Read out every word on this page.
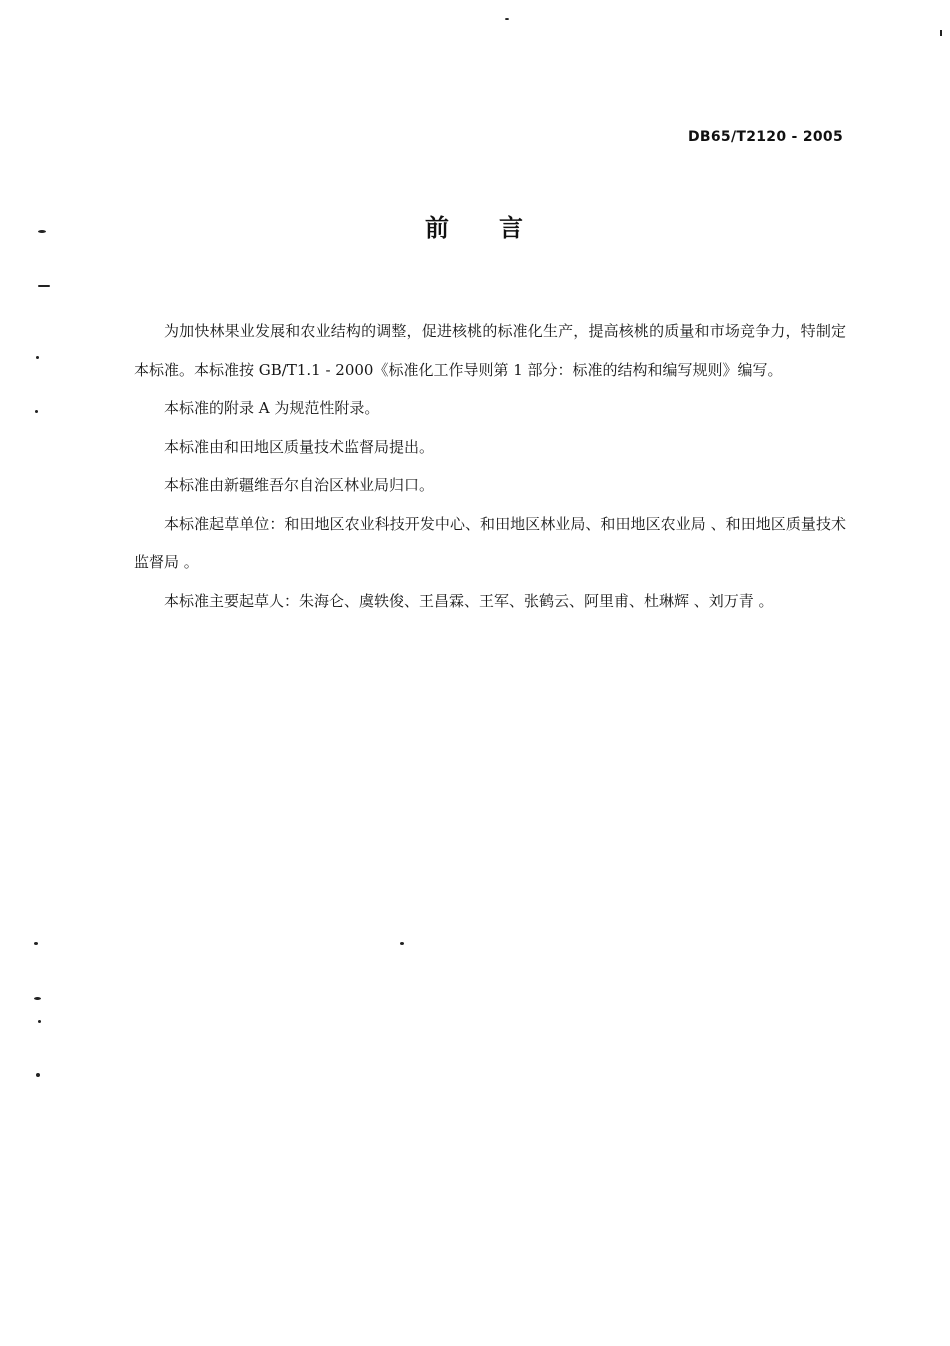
DB65/T2120 - 2005
前 言

为加快林果业发展和农业结构的调整，促进核桃的标准化生产，提高核桃的质量和市场竞争力，特制定本标准。本标准按 GB/T1.1 - 2000《标准化工作导则第 1 部分：标准的结构和编写规则》编写。

本标准的附录 A 为规范性附录。

本标准由和田地区质量技术监督局提出。

本标准由新疆维吾尔自治区林业局归口。

本标准起草单位：和田地区农业科技开发中心、和田地区林业局、和田地区农业局 、和田地区质量技术监督局 。

本标准主要起草人：朱海仑、虞轶俊、王昌霖、王军、张鹤云、阿里甫、杜琳辉 、刘万青 。
